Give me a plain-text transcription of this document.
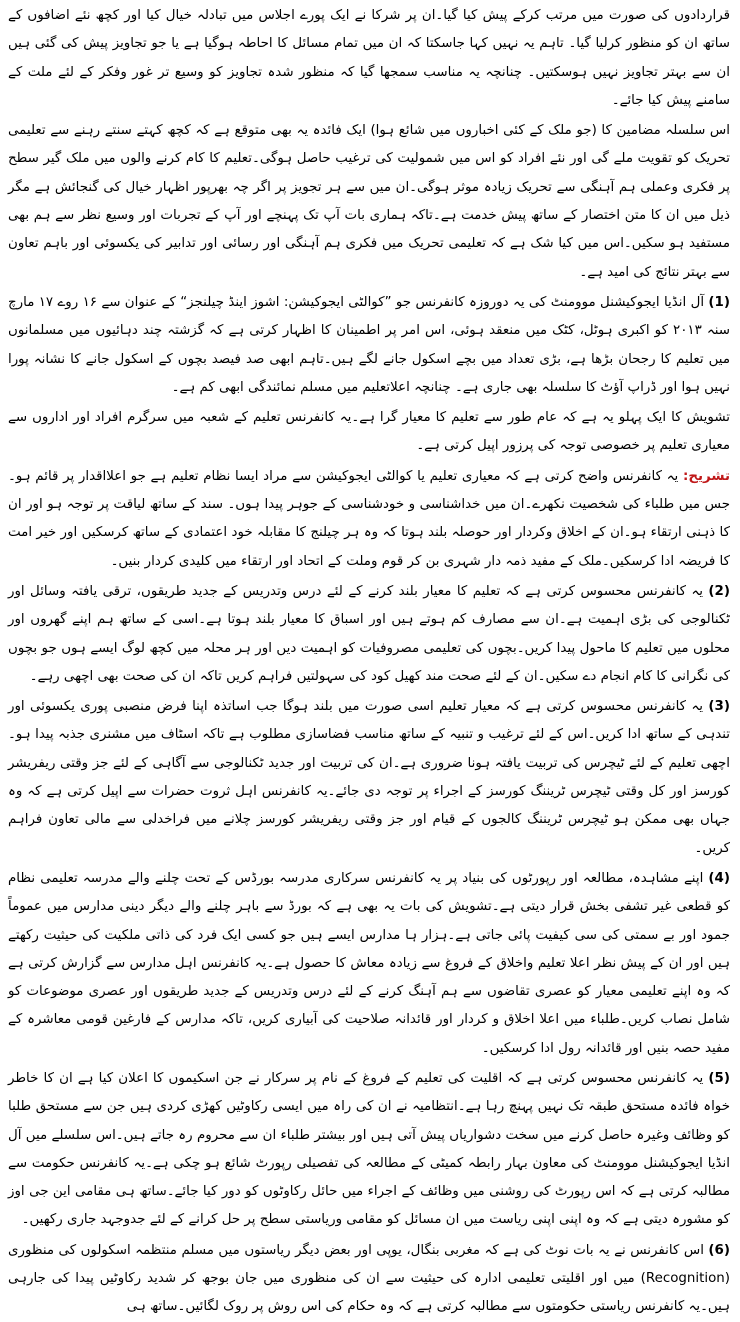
قراردادوں کی صورت میں مرتب کرکے پیش کیا گیا۔ان پر شرکا نے ایک پورے اجلاس میں تبادلہ خیال کیا اور کچھ نئے اضافوں کے ساتھ ان کو منظور کرلیا گیا۔ تاہم یہ نہیں کہا جاسکتا کہ ان میں تمام مسائل کا احاطہ ہوگیا ہے یا جو تجاویز پیش کی گئی ہیں ان سے بہتر تجاویز نہیں ہوسکتیں۔ چنانچہ یہ مناسب سمجھا گیا کہ منظور شدہ تجاویز کو وسیع تر غور وفکر کے لئے ملت کے سامنے پیش کیا جائے۔

اس سلسلہ مضامین کا (جو ملک کے کئی اخباروں میں شائع ہوا) ایک فائدہ یہ بھی متوقع ہے کہ کچھ کہتے سنتے رہنے سے تعلیمی تحریک کو تقویت ملے گی اور نئے افراد کو اس میں شمولیت کی ترغیب حاصل ہوگی۔تعلیم کا کام کرنے والوں میں ملک گیر سطح پر فکری وعملی ہم آہنگی سے تحریک زیادہ موثر ہوگی۔ان میں سے ہر تجویز پر اگر چہ بھرپور اظہار خیال کی گنجائش ہے مگر ذیل میں ان کا متن اختصار کے ساتھ پیش خدمت ہے۔تاکہ ہماری بات آپ تک پہنچے اور آپ کے تجربات اور وسیع نظر سے ہم بھی مستفید ہو سکیں۔اس میں کیا شک ہے کہ تعلیمی تحریک میں فکری ہم آہنگی اور رسائی اور تدابیر کی یکسوئی اور باہم تعاون سے بہتر نتائج کی امید ہے۔

(1) آل انڈیا ایجوکیشنل موومنٹ کی یہ دوروزہ کانفرنس جو ”کوالٹی ایجوکیشن: اشوز اینڈ چیلنجز“ کے عنوان سے ۱۶ روے ۱۷ مارچ سنہ ۲۰۱۳ کو اکبری ہوٹل، کٹک میں منعقد ہوئی، اس امر پر اطمینان کا اظہار کرتی ہے کہ گزشتہ چند دہائیوں میں مسلمانوں میں تعلیم کا رجحان بڑھا ہے، بڑی تعداد میں بچے اسکول جانے لگے ہیں۔تاہم ابھی صد فیصد بچوں کے اسکول جانے کا نشانہ پورا نہیں ہوا اور ڈراپ آؤٹ کا سلسلہ بھی جاری ہے۔ چنانچہ اعلاتعلیم میں مسلم نمائندگی ابھی کم ہے۔

تشویش کا ایک پہلو یہ ہے کہ عام طور سے تعلیم کا معیار گرا ہے۔یہ کانفرنس تعلیم کے شعبہ میں سرگرم افراد اور اداروں سے معیاری تعلیم پر خصوصی توجہ کی پرزور اپیل کرتی ہے۔

تشریح: یہ کانفرنس واضح کرتی ہے کہ معیاری تعلیم یا کوالٹی ایجوکیشن سے مراد ایسا نظام تعلیم ہے جو اعلااقدار پر قائم ہو۔جس میں طلباء کی شخصیت نکھرے۔ان میں خداشناسی و خودشناسی کے جوہر پیدا ہوں۔ سند کے ساتھ لیاقت پر توجہ ہو اور ان کا ذہنی ارتقاء ہو۔ان کے اخلاق وکردار اور حوصلہ بلند ہوتا کہ وہ ہر چیلنج کا مقابلہ خود اعتمادی کے ساتھ کرسکیں اور خیر امت کا فریضہ ادا کرسکیں۔ملک کے مفید ذمہ دار شہری بن کر قوم وملت کے اتحاد اور ارتقاء میں کلیدی کردار بنیں۔

(2) یہ کانفرنس محسوس کرتی ہے کہ تعلیم کا معیار بلند کرنے کے لئے درس وتدریس کے جدید طریقوں، ترقی یافتہ وسائل اور ٹکنالوجی کی بڑی اہمیت ہے۔ان سے مصارف کم ہوتے ہیں اور اسباق کا معیار بلند ہوتا ہے۔اسی کے ساتھ ہم اپنے گھروں اور محلوں میں تعلیم کا ماحول پیدا کریں۔بچوں کی تعلیمی مصروفیات کو اہمیت دیں اور ہر محلہ میں کچھ لوگ ایسے ہوں جو بچوں کی نگرانی کا کام انجام دے سکیں۔ان کے لئے صحت مند کھیل کود کی سہولتیں فراہم کریں تاکہ ان کی صحت بھی اچھی رہے۔

(3) یہ کانفرنس محسوس کرتی ہے کہ معیار تعلیم اسی صورت میں بلند ہوگا جب اساتذہ اپنا فرض منصبی پوری یکسوئی اور تندہی کے ساتھ ادا کریں۔اس کے لئے ترغیب و تنبیہ کے ساتھ مناسب فضاسازی مطلوب ہے تاکہ اسٹاف میں مشنری جذبہ پیدا ہو۔اچھی تعلیم کے لئے ٹیچرس کی تربیت یافتہ ہونا ضروری ہے۔ان کی تربیت اور جدید ٹکنالوجی سے آگاہی کے لئے جز وقتی ریفریشر کورسز اور کل وقتی ٹیچرس ٹریننگ کورسز کے اجراء پر توجہ دی جائے۔یہ کانفرنس اہل ثروت حضرات سے اپیل کرتی ہے کہ وہ جہاں بھی ممکن ہو ٹیچرس ٹریننگ کالجوں کے قیام اور جز وقتی ریفریشر کورسز چلانے میں فراخدلی سے مالی تعاون فراہم کریں۔

(4) اپنے مشاہدہ، مطالعہ اور رپورٹوں کی بنیاد پر یہ کانفرنس سرکاری مدرسہ بورڈس کے تحت چلنے والے مدرسہ تعلیمی نظام کو قطعی غیر تشفی بخش قرار دیتی ہے۔تشویش کی بات یہ بھی ہے کہ بورڈ سے باہر چلنے والے دیگر دینی مدارس میں عموماً جمود اور بے سمتی کی سی کیفیت پائی جاتی ہے۔ہزار ہا مدارس ایسے ہیں جو کسی ایک فرد کی ذاتی ملکیت کی حیثیت رکھتے ہیں اور ان کے پیش نظر اعلا تعلیم واخلاق کے فروغ سے زیادہ معاش کا حصول ہے۔یہ کانفرنس اہل مدارس سے گزارش کرتی ہے کہ وہ اپنے تعلیمی معیار کو عصری تقاضوں سے ہم آہنگ کرنے کے لئے درس وتدریس کے جدید طریقوں اور عصری موضوعات کو شامل نصاب کریں۔طلباء میں اعلا اخلاق و کردار اور قائدانہ صلاحیت کی آبیاری کریں، تاکہ مدارس کے فارغین قومی معاشرہ کے مفید حصہ بنیں اور قائدانہ رول ادا کرسکیں۔

(5) یہ کانفرنس محسوس کرتی ہے کہ اقلیت کی تعلیم کے فروغ کے نام پر سرکار نے جن اسکیموں کا اعلان کیا ہے ان کا خاطر خواہ فائدہ مستحق طبقہ تک نہیں پہنچ رہا ہے۔انتظامیہ نے ان کی راہ میں ایسی رکاوٹیں کھڑی کردی ہیں جن سے مستحق طلبا کو وظائف وغیرہ حاصل کرنے میں سخت دشواریاں پیش آتی ہیں اور بیشتر طلباء ان سے محروم رہ جاتے ہیں۔اس سلسلے میں آل انڈیا ایجوکیشنل موومنٹ کی معاون بہار رابطہ کمیٹی کے مطالعہ کی تفصیلی رپورٹ شائع ہو چکی ہے۔یہ کانفرنس حکومت سے مطالبہ کرتی ہے کہ اس رپورٹ کی روشنی میں وظائف کے اجراء میں حائل رکاوٹوں کو دور کیا جائے۔ساتھ ہی مقامی این جی اوز کو مشورہ دیتی ہے کہ وہ اپنی اپنی ریاست میں ان مسائل کو مقامی وریاستی سطح پر حل کرانے کے لئے جدوجہد جاری رکھیں۔

(6) اس کانفرنس نے یہ بات نوٹ کی ہے کہ مغربی بنگال، یوپی اور بعض دیگر ریاستوں میں مسلم منتظمہ اسکولوں کی منظوری (Recognition) میں اور اقلیتی تعلیمی ادارہ کی حیثیت سے ان کی منظوری میں جان بوجھ کر شدید رکاوٹیں پیدا کی جارہی ہیں۔یہ کانفرنس ریاستی حکومتوں سے مطالبہ کرتی ہے کہ وہ حکام کی اس روش پر روک لگائیں۔ساتھ ہی
